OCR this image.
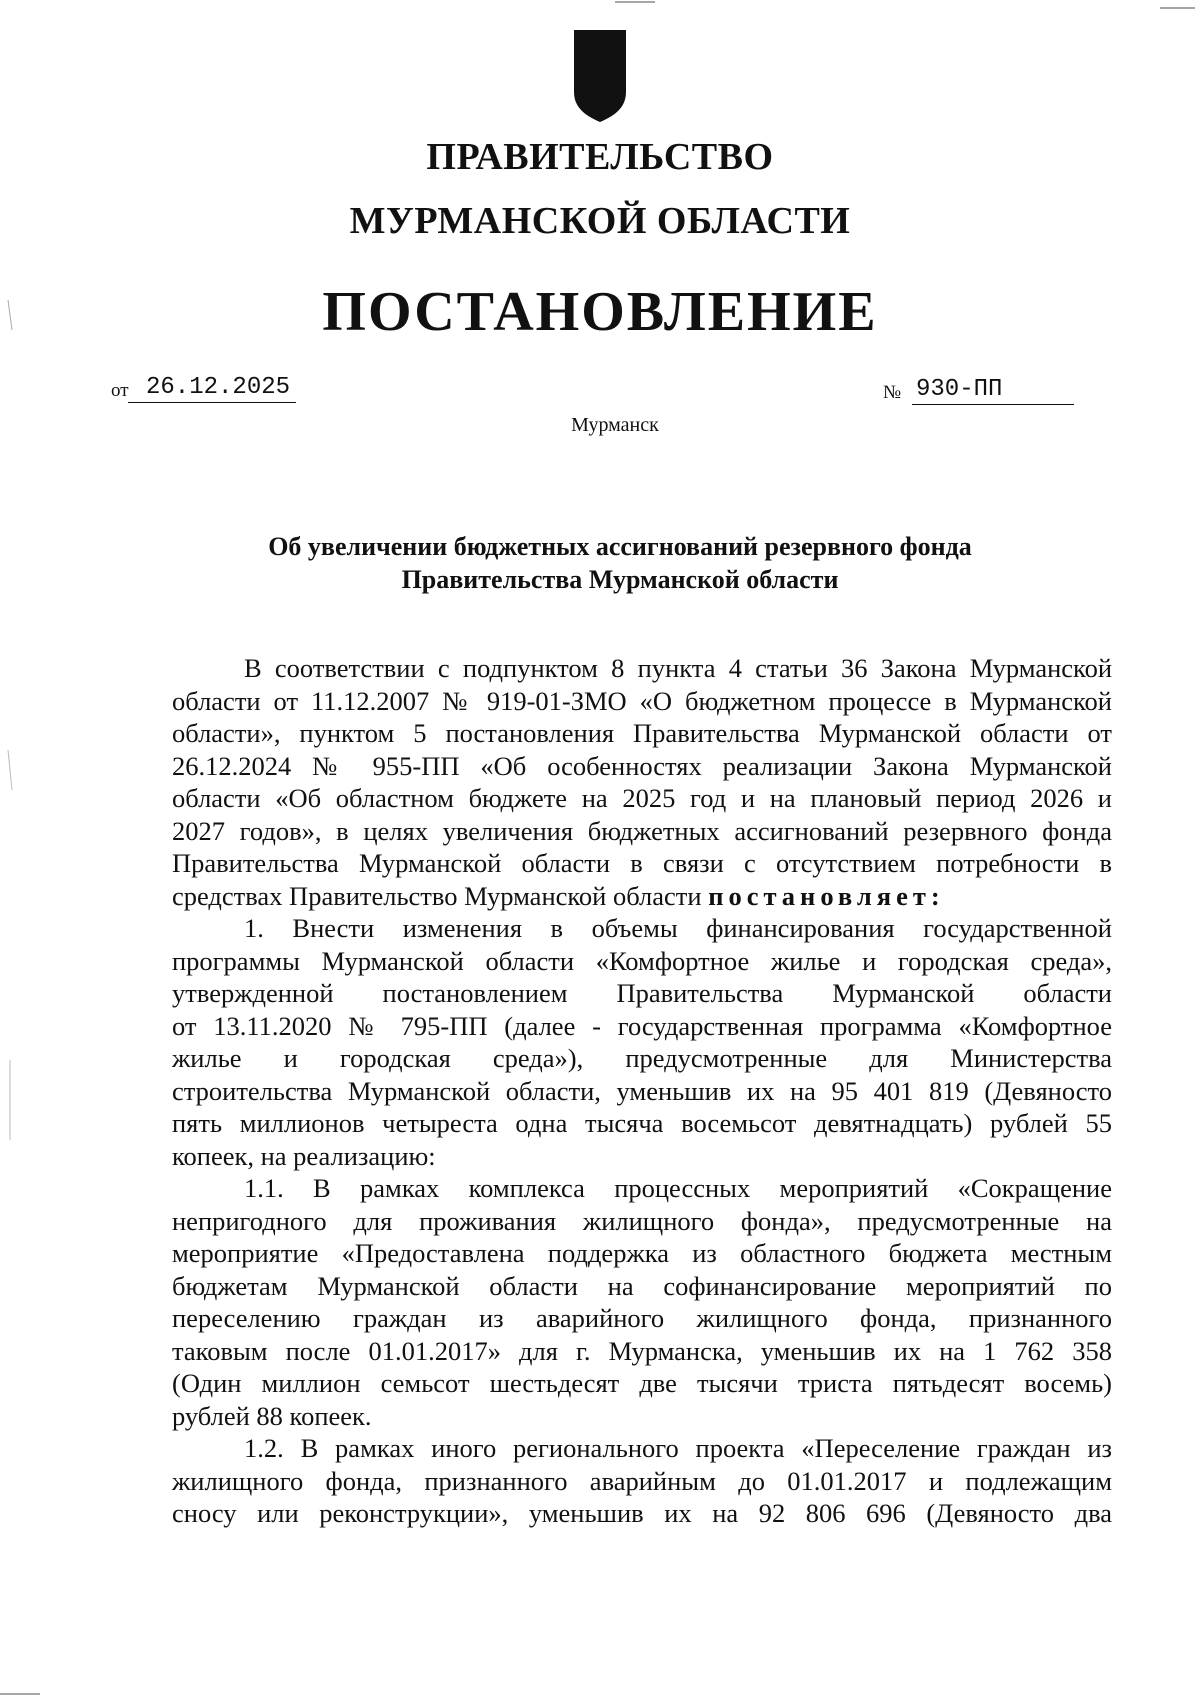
ПРАВИТЕЛЬСТВО
МУРМАНСКОЙ ОБЛАСТИ
ПОСТАНОВЛЕНИЕ
от 26.12.2025	№ 930-ПП
Мурманск
Об увеличении бюджетных ассигнований резервного фонда
Правительства Мурманской области
В соответствии с подпунктом 8 пункта 4 статьи 36 Закона Мурманской
области от 11.12.2007 № 919-01-ЗМО «О бюджетном процессе в Мурманской
области», пунктом 5 постановления Правительства Мурманской области от
26.12.2024 № 955-ПП «Об особенностях реализации Закона Мурманской
области «Об областном бюджете на 2025 год и на плановый период 2026 и
2027 годов», в целях увеличения бюджетных ассигнований резервного фонда
Правительства Мурманской области в связи с отсутствием потребности в
средствах Правительство Мурманской области постановляет:
1. Внести изменения в объемы финансирования государственной
программы Мурманской области «Комфортное жилье и городская среда»,
утвержденной постановлением Правительства Мурманской области
от 13.11.2020 № 795-ПП (далее - государственная программа «Комфортное
жилье и городская среда»), предусмотренные для Министерства
строительства Мурманской области, уменьшив их на 95 401 819 (Девяносто
пять миллионов четыреста одна тысяча восемьсот девятнадцать) рублей 55
копеек, на реализацию:
1.1. В рамках комплекса процессных мероприятий «Сокращение
непригодного для проживания жилищного фонда», предусмотренные на
мероприятие «Предоставлена поддержка из областного бюджета местным
бюджетам Мурманской области на софинансирование мероприятий по
переселению граждан из аварийного жилищного фонда, признанного
таковым после 01.01.2017» для г. Мурманска, уменьшив их на 1 762 358
(Один миллион семьсот шестьдесят две тысячи триста пятьдесят восемь)
рублей 88 копеек.
1.2. В рамках иного регионального проекта «Переселение граждан из
жилищного фонда, признанного аварийным до 01.01.2017 и подлежащим
сносу или реконструкции», уменьшив их на 92 806 696 (Девяносто два
